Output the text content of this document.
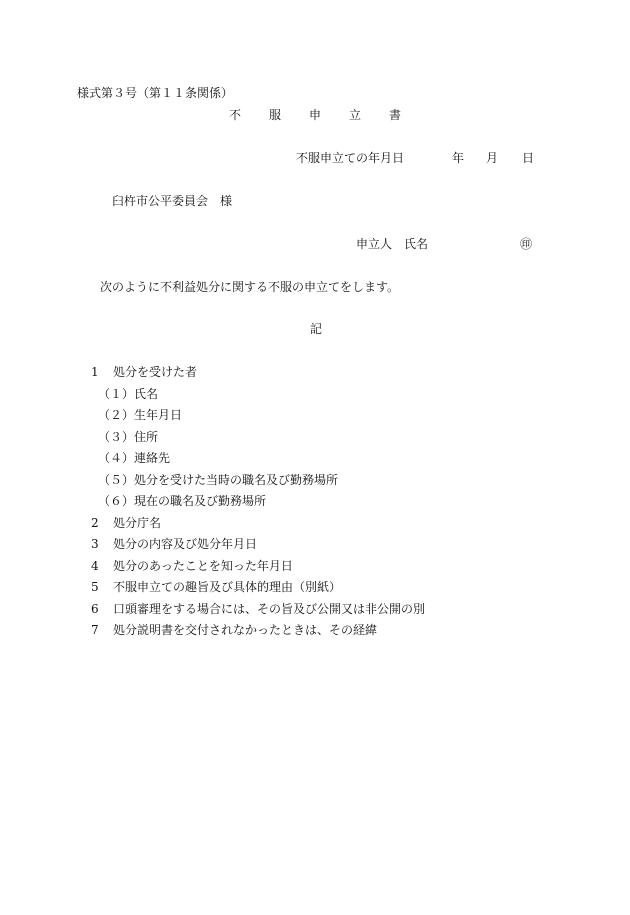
様式第３号（第１１条関係）
不服申立書
不服申立ての年月日	年 月 日
臼杵市公平委員会　様
申立人　氏名	㊞
次のように不利益処分に関する不服の申立てをします。
記
1 処分を受けた者
（１） 氏名
（２） 生年月日
（３） 住所
（４） 連絡先
（５） 処分を受けた当時の職名及び勤務場所
（６） 現在の職名及び勤務場所
2 処分庁名
3 処分の内容及び処分年月日
4 処分のあったことを知った年月日
5 不服申立ての趣旨及び具体的理由（別紙）
6 口頭審理をする場合には、その旨及び公開又は非公開の別
7 処分説明書を交付されなかったときは、その経緯
